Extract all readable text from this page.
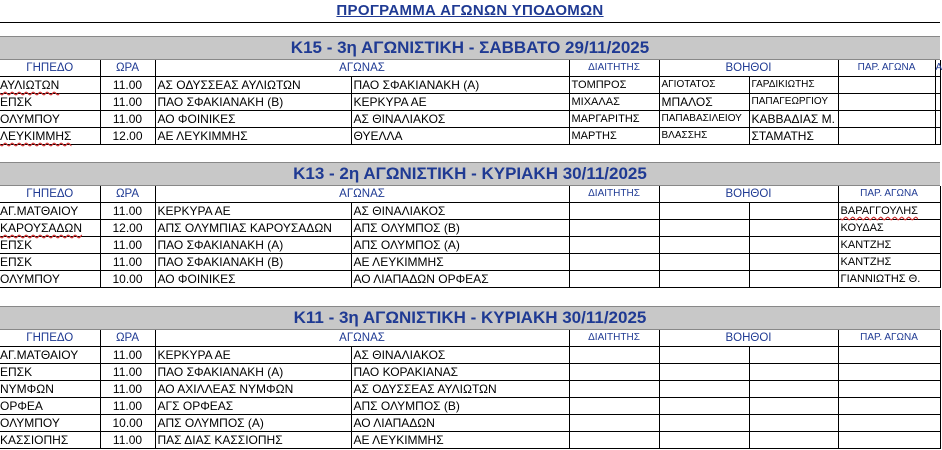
ΠΡΟΓΡΑΜΜΑ ΑΓΩΝΩΝ ΥΠΟΔΟΜΩΝ
Κ15 - 3η ΑΓΩΝΙΣΤΙΚΗ - ΣΑΒΒΑΤΟ 29/11/2025
ΓΗΠΕΔΟ	ΩΡΑ	ΑΓΩΝΑΣ		ΔΙΑΙΤΗΤΗΣ	ΒΟΗΘΟΙ		ΠΑΡ. ΑΓΩΝΑ	Α
ΑΥΛΙΩΤΩΝ	11.00	ΑΣ ΟΔΥΣΣΕΑΣ ΑΥΛΙΩΤΩΝ	ΠΑΟ ΣΦΑΚΙΑΝΑΚΗ (Α)	ΤΟΜΠΡΟΣ	ΑΓΙΟΤΑΤΟΣ	ΓΑΡΔΙΚΙΩΤΗΣ		
ΕΠΣΚ	11.00	ΠΑΟ ΣΦΑΚΙΑΝΑΚΗ (Β)	ΚΕΡΚΥΡΑ ΑΕ	ΜΙΧΑΛΑΣ	ΜΠΑΛΟΣ	ΠΑΠΑΓΕΩΡΓΙΟΥ		
ΟΛΥΜΠΟΥ	11.00	ΑΟ ΦΟΙΝΙΚΕΣ	ΑΣ ΘΙΝΑΛΙΑΚΟΣ	ΜΑΡΓΑΡΙΤΗΣ	ΠΑΠΑΒΑΣΙΛΕΙΟΥ	ΚΑΒΒΑΔΙΑΣ Μ.		
ΛΕΥΚΙΜΜΗΣ	12.00	ΑΕ ΛΕΥΚΙΜΜΗΣ	ΘΥΕΛΛΑ	ΜΑΡΤΗΣ	ΒΛΑΣΣΗΣ	ΣΤΑΜΑΤΗΣ		
Κ13 - 2η ΑΓΩΝΙΣΤΙΚΗ - ΚΥΡΙΑΚΗ 30/11/2025
ΓΗΠΕΔΟ	ΩΡΑ	ΑΓΩΝΑΣ		ΔΙΑΙΤΗΤΗΣ	ΒΟΗΘΟΙ		ΠΑΡ. ΑΓΩΝΑ
ΑΓ.ΜΑΤΘΑΙΟΥ	11.00	ΚΕΡΚΥΡΑ ΑΕ	ΑΣ ΘΙΝΑΛΙΑΚΟΣ				ΒΑΡΑΓΓΟΥΛΗΣ
ΚΑΡΟΥΣΑΔΩΝ	12.00	ΑΠΣ ΟΛΥΜΠΙΑΣ ΚΑΡΟΥΣΑΔΩΝ	ΑΠΣ ΟΛΥΜΠΟΣ (Β)				ΚΟΥΔΑΣ
ΕΠΣΚ	11.00	ΠΑΟ ΣΦΑΚΙΑΝΑΚΗ (Α)	ΑΠΣ ΟΛΥΜΠΟΣ (Α)				ΚΑΝΤΖΗΣ
ΕΠΣΚ	11.00	ΠΑΟ ΣΦΑΚΙΑΝΑΚΗ (Β)	ΑΕ ΛΕΥΚΙΜΜΗΣ				ΚΑΝΤΖΗΣ
ΟΛΥΜΠΟΥ	10.00	ΑΟ ΦΟΙΝΙΚΕΣ	ΑΟ ΛΙΑΠΑΔΩΝ ΟΡΦΕΑΣ				ΓΙΑΝΝΙΩΤΗΣ Θ.
Κ11 - 3η ΑΓΩΝΙΣΤΙΚΗ - ΚΥΡΙΑΚΗ 30/11/2025
ΓΗΠΕΔΟ	ΩΡΑ	ΑΓΩΝΑΣ		ΔΙΑΙΤΗΤΗΣ	ΒΟΗΘΟΙ		ΠΑΡ. ΑΓΩΝΑ
ΑΓ.ΜΑΤΘΑΙΟΥ	11.00	ΚΕΡΚΥΡΑ ΑΕ	ΑΣ ΘΙΝΑΛΙΑΚΟΣ				
ΕΠΣΚ	11.00	ΠΑΟ ΣΦΑΚΙΑΝΑΚΗ (Α)	ΠΑΟ ΚΟΡΑΚΙΑΝΑΣ				
ΝΥΜΦΩΝ	11.00	ΑΟ ΑΧΙΛΛΕΑΣ ΝΥΜΦΩΝ	ΑΣ ΟΔΥΣΣΕΑΣ ΑΥΛΙΩΤΩΝ				
ΟΡΦΕΑ	11.00	ΑΓΣ ΟΡΦΕΑΣ	ΑΠΣ ΟΛΥΜΠΟΣ (Β)				
ΟΛΥΜΠΟΥ	10.00	ΑΠΣ ΟΛΥΜΠΟΣ (Α)	ΑΟ ΛΙΑΠΑΔΩΝ				
ΚΑΣΣΙΟΠΗΣ	11.00	ΠΑΣ ΔΙΑΣ ΚΑΣΣΙΟΠΗΣ	ΑΕ ΛΕΥΚΙΜΜΗΣ				
